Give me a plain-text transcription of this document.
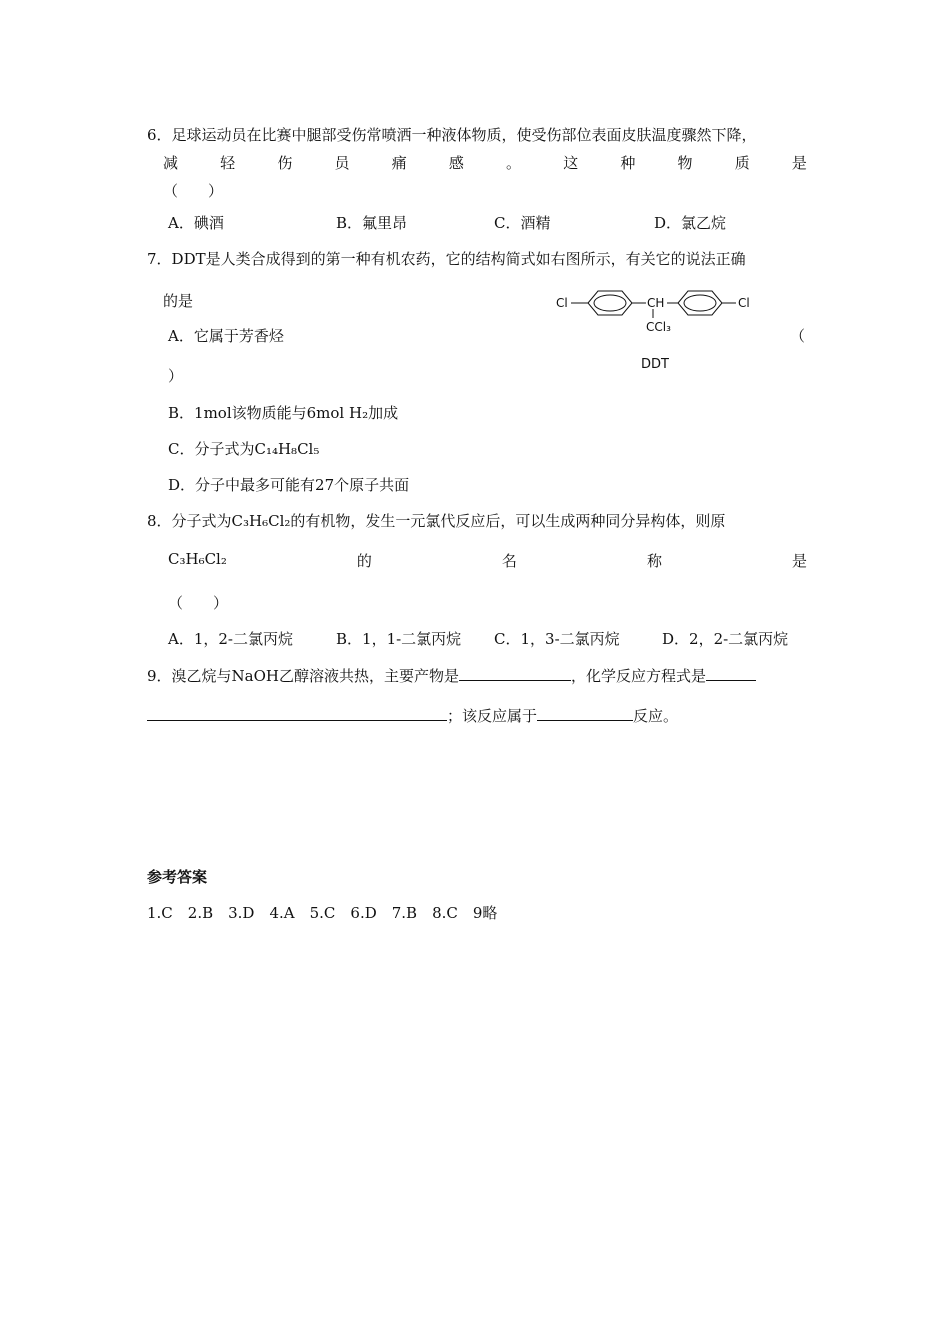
6．足球运动员在比赛中腿部受伤常喷洒一种液体物质，使受伤部位表面皮肤温度骤然下降，
减	轻	伤	员	痛	感	。	这	种	物	质	是
（　　）
A．碘酒	B．氟里昂	C．酒精	D．氯乙烷
7．DDT是人类合成得到的第一种有机农药，它的结构简式如右图所示，有关它的说法正确
的是
A．它属于芳香烃	（
）
B．1mol该物质能与6mol H₂加成
C．分子式为C₁₄H₈Cl₅
D．分子中最多可能有27个原子共面
Cl	CH
CCl₃
Cl
DDT
8．分子式为C₃H₆Cl₂的有机物，发生一元氯代反应后，可以生成两种同分异构体，则原
C₃H₆Cl₂	的	名	称	是
（　　）
A．1，2-二氯丙烷	B．1，1-二氯丙烷 C．1，3-二氯丙烷	D．2，2-二氯丙烷
9．溴乙烷与NaOH乙醇溶液共热，主要产物是	，化学反应方程式是
；该反应属于	反应。
参考答案
1.C　2.B　3.D　4.A　5.C　6.D　7.B　8.C　9略
